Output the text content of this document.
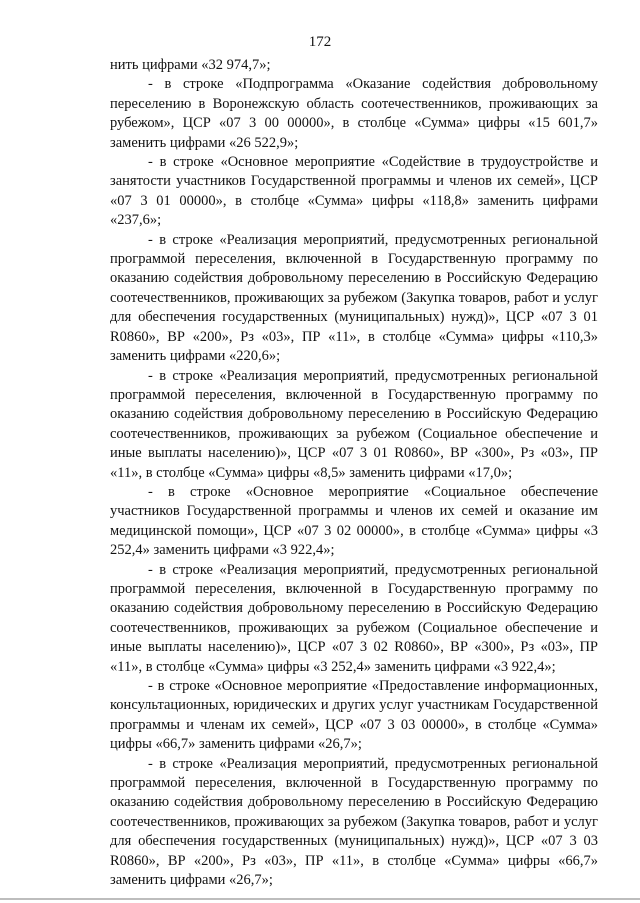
172

нить цифрами «32 974,7»;

- в строке «Подпрограмма «Оказание содействия добровольному переселению в Воронежскую область соотечественников, проживающих за рубежом», ЦСР «07 3 00 00000», в столбце «Сумма» цифры «15 601,7» заменить цифрами «26 522,9»;

- в строке «Основное мероприятие «Содействие в трудоустройстве и занятости участников Государственной программы и членов их семей», ЦСР «07 3 01 00000», в столбце «Сумма» цифры «118,8» заменить цифрами «237,6»;

- в строке «Реализация мероприятий, предусмотренных региональной программой переселения, включенной в Государственную программу по оказанию содействия добровольному переселению в Российскую Федерацию соотечественников, проживающих за рубежом (Закупка товаров, работ и услуг для обеспечения государственных (муниципальных) нужд)», ЦСР «07 3 01 R0860», ВР «200», Рз «03», ПР «11», в столбце «Сумма» цифры «110,3» заменить цифрами «220,6»;

- в строке «Реализация мероприятий, предусмотренных региональной программой переселения, включенной в Государственную программу по оказанию содействия добровольному переселению в Российскую Федерацию соотечественников, проживающих за рубежом (Социальное обеспечение и иные выплаты населению)», ЦСР «07 3 01 R0860», ВР «300», Рз «03», ПР «11», в столбце «Сумма» цифры «8,5» заменить цифрами «17,0»;

- в строке «Основное мероприятие «Социальное обеспечение участников Государственной программы и членов их семей и оказание им медицинской помощи», ЦСР «07 3 02 00000», в столбце «Сумма» цифры «3 252,4» заменить цифрами «3 922,4»;

- в строке «Реализация мероприятий, предусмотренных региональной программой переселения, включенной в Государственную программу по оказанию содействия добровольному переселению в Российскую Федерацию соотечественников, проживающих за рубежом (Социальное обеспечение и иные выплаты населению)», ЦСР «07 3 02 R0860», ВР «300», Рз «03», ПР «11», в столбце «Сумма» цифры «3 252,4» заменить цифрами «3 922,4»;

- в строке «Основное мероприятие «Предоставление информационных, консультационных, юридических и других услуг участникам Государственной программы и членам их семей», ЦСР «07 3 03 00000», в столбце «Сумма» цифры «66,7» заменить цифрами «26,7»;

- в строке «Реализация мероприятий, предусмотренных региональной программой переселения, включенной в Государственную программу по оказанию содействия добровольному переселению в Российскую Федерацию соотечественников, проживающих за рубежом (Закупка товаров, работ и услуг для обеспечения государственных (муниципальных) нужд)», ЦСР «07 3 03 R0860», ВР «200», Рз «03», ПР «11», в столбце «Сумма» цифры «66,7» заменить цифрами «26,7»;
